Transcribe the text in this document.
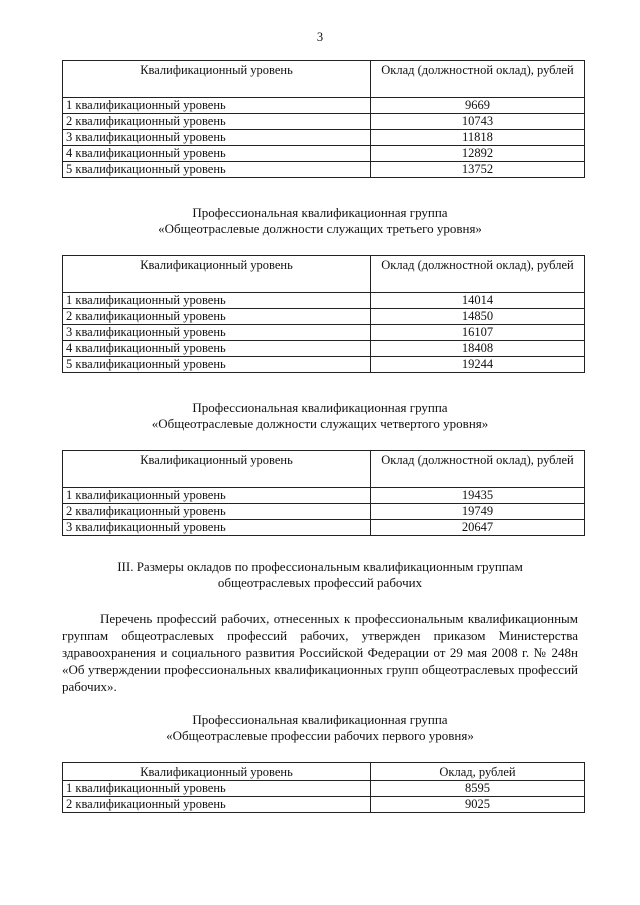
3
Квалификационный уровень	Оклад (должностной оклад), рублей
1 квалификационный уровень	9669
2 квалификационный уровень	10743
3 квалификационный уровень	11818
4 квалификационный уровень	12892
5 квалификационный уровень	13752
Профессиональная квалификационная группа
«Общеотраслевые должности служащих третьего уровня»
Квалификационный уровень	Оклад (должностной оклад), рублей
1 квалификационный уровень	14014
2 квалификационный уровень	14850
3 квалификационный уровень	16107
4 квалификационный уровень	18408
5 квалификационный уровень	19244
Профессиональная квалификационная группа
«Общеотраслевые должности служащих четвертого уровня»
Квалификационный уровень	Оклад (должностной оклад), рублей
1 квалификационный уровень	19435
2 квалификационный уровень	19749
3 квалификационный уровень	20647
III. Размеры окладов по профессиональным квалификационным группам
общеотраслевых профессий рабочих
Перечень профессий рабочих, отнесенных к профессиональным квалификационным группам общеотраслевых профессий рабочих, утвержден приказом Министерства здравоохранения и социального развития Российской Федерации от 29 мая 2008 г. № 248н «Об утверждении профессиональных квалификационных групп общеотраслевых профессий рабочих».
Профессиональная квалификационная группа
«Общеотраслевые профессии рабочих первого уровня»
Квалификационный уровень	Оклад, рублей
1 квалификационный уровень	8595
2 квалификационный уровень	9025
